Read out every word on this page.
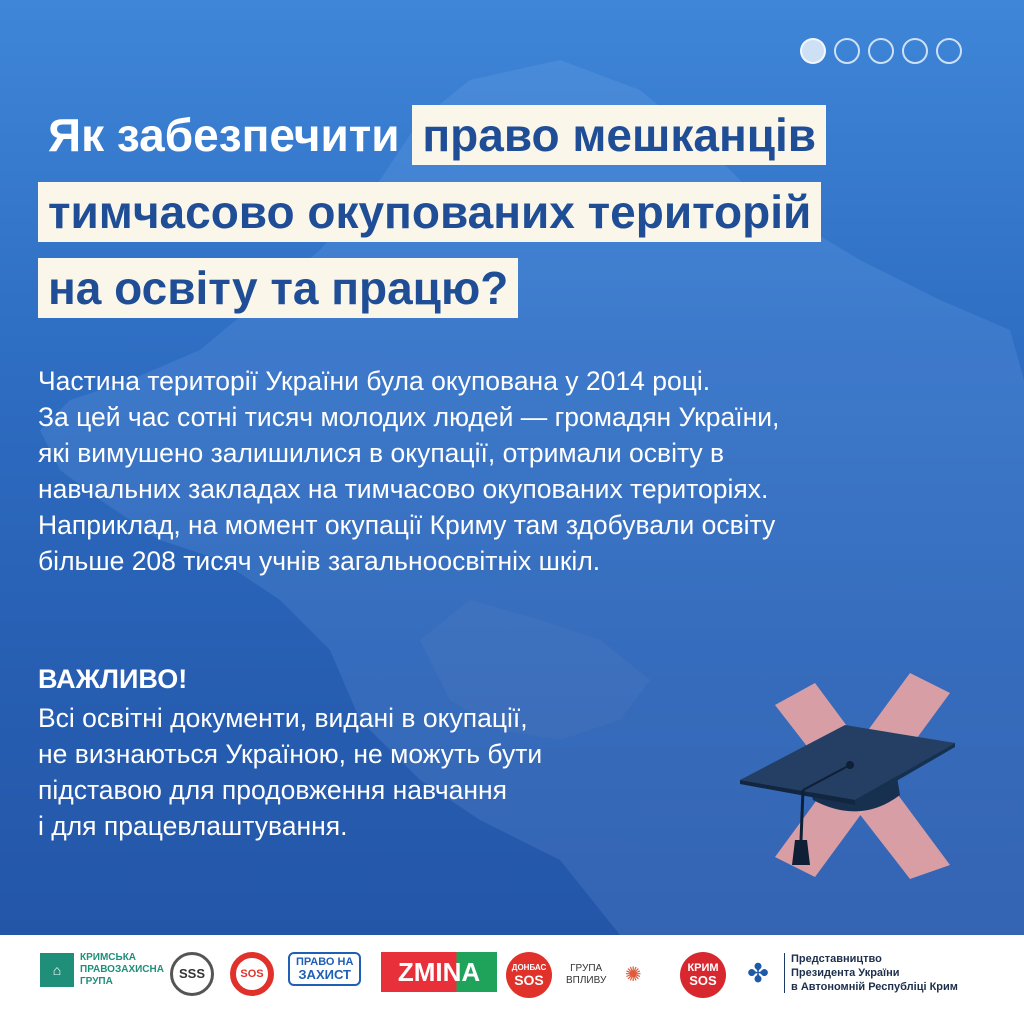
Як забезпечити право мешканців
тимчасово окупованих територій
на освіту та працю?
Частина території України була окупована у 2014 році.
За цей час сотні тисяч молодих людей — громадян України,
які вимушено залишилися в окупації, отримали освіту в
навчальних закладах на тимчасово окупованих територіях.
Наприклад, на момент окупації Криму там здобували освіту
більше 208 тисяч учнів загальноосвітніх шкіл.
ВАЖЛИВО!
Всі освітні документи, видані в окупації,
не визнаються Україною, не можуть бути
підставою для продовження навчання
і для працевлаштування.
⌂
КРИМСЬКА
ПРАВОЗАХИСНА
ГРУПА
SSS	SOS
ПРАВО НА
ЗАХИСТ	ZMINA	ДОНБАС
SOS
ГРУПА
ВПЛИВУ ✺	КРИМ
SOS	✤	Представництво
Президента України
в Автономній Республіці Крим
